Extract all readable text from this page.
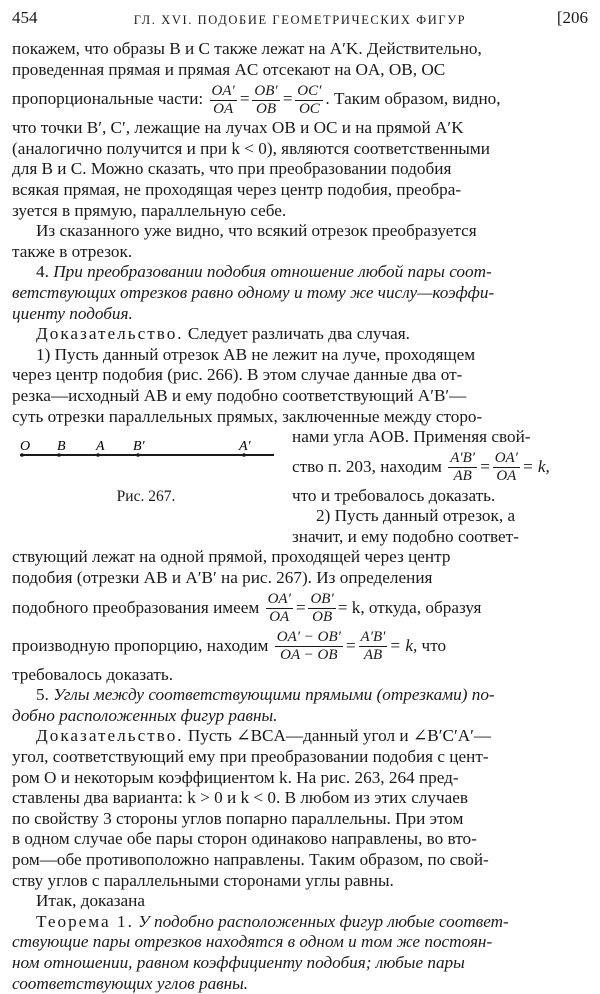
454	ГЛ. XVI. ПОДОБИЕ ГЕОМЕТРИЧЕСКИХ ФИГУР	[206
O B A B′	A′
Рис. 267.

покажем, что образы B и C также лежат на A′K. Действительно,

проведенная прямая и прямая AC отсекают на OA, OB, OC

пропорциональные части: $\frac{OA'}{OA} = \frac{OB'}{OB} = \frac{OC'}{OC}$ . Таким образом, видно,

что точки B′, C′, лежащие на лучах OB и OC и на прямой A′K

(аналогично получится и при k < 0), являются соответственными

для B и C. Можно сказать, что при преобразовании подобия

всякая прямая, не проходящая через центр подобия, преобра-

зуется в прямую, параллельную себе.

Из сказанного уже видно, что всякий отрезок преобразуется

также в отрезок.

4. При преобразовании подобия отношение любой пары соот-

ветствующих отрезков равно одному и тому же числу—коэффи-

циенту подобия.

Доказательство. Следует различать два случая.

1) Пусть данный отрезок AB не лежит на луче, проходящем

через центр подобия (рис. 266). В этом случае данные два от-

резка—исходный AB и ему подобно соответствующий A′B′—

суть отрезки параллельных прямых, заключенные между сторо-

нами угла AOB. Применяя свой-

ство п. 203, находим $\frac{A'B'}{AB} = \frac{OA'}{OA} = k$,

что и требовалось доказать.

2) Пусть данный отрезок, а

значит, и ему подобно соответ-

ствующий лежат на одной прямой, проходящей через центр

подобия (отрезки AB и A′B′ на рис. 267). Из определения

подобного преобразования имеем $\frac{OA'}{OA} = \frac{OB'}{OB} = k$, откуда, образуя

производную пропорцию, находим $\frac{OA' - OB'}{OA - OB} = \frac{A'B'}{AB} = k$, что

требовалось доказать.

5. Углы между соответствующими прямыми (отрезками) по-

добно расположенных фигур равны.

Доказательство. Пусть ∠BCA—данный угол и ∠B′C′A′—

угол, соответствующий ему при преобразовании подобия с цент-

ром O и некоторым коэффициентом k. На рис. 263, 264 пред-

ставлены два варианта: k > 0 и k < 0. В любом из этих случаев

по свойству 3 стороны углов попарно параллельны. При этом

в одном случае обе пары сторон одинаково направлены, во вто-

ром—обе противоположно направлены. Таким образом, по свой-

ству углов с параллельными сторонами углы равны.

Итак, доказана

Теорема 1. У подобно расположенных фигур любые соответ-

ствующие пары отрезков находятся в одном и том же постоян-

ном отношении, равном коэффициенту подобия; любые пары

соответствующих углов равны.
